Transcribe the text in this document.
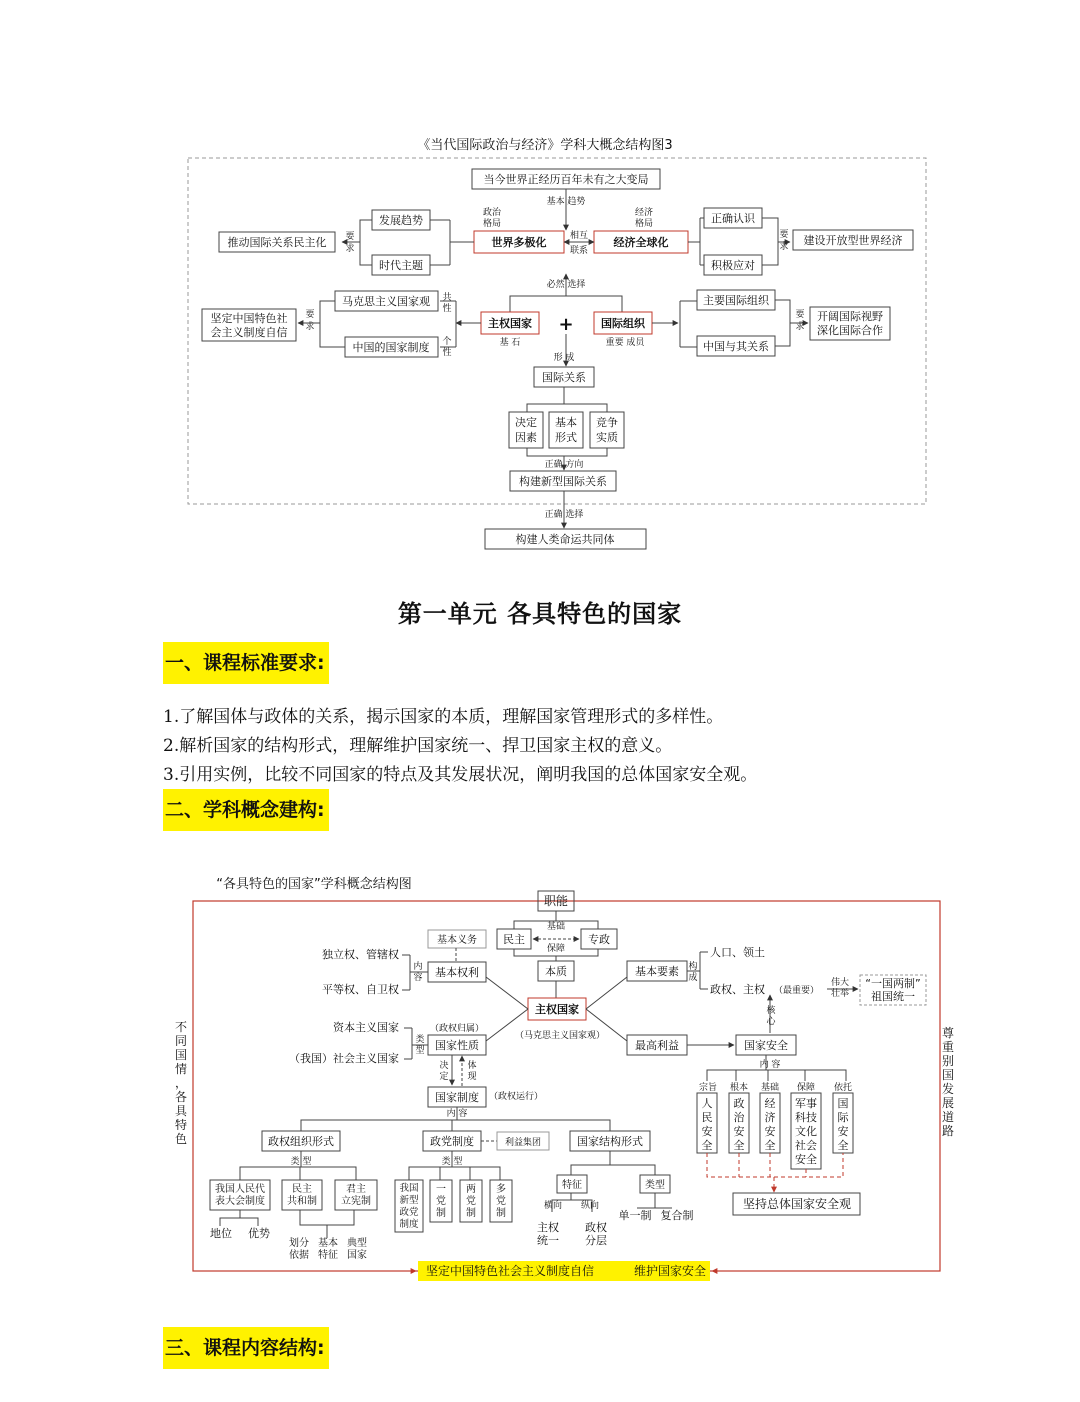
第一单元 各具特色的国家
一、课程标准要求:
1.了解国体与政体的关系，揭示国家的本质，理解国家管理形式的多样性。
2.解析国家的结构形式，理解维护国家统一、捍卫国家主权的意义。
3.引用实例，比较不同国家的特点及其发展状况，阐明我国的总体国家安全观。
二、学科概念建构:
三、课程内容结构:
《当代国际政治与经济》学科大概念结构图3
当今世界正经历百年未有之大变局
基本 趋势
政治
格局
经济
格局
世界多极化	经济全球化
相互
联系
发展趋势
时代主题
推动国际关系民主化 要
求
正确认识
积极应对
要
求 建设开放型世界经济
必然 选择
主权国家 + 国际组织
基 石	重要 成员
马克思主义国家观
中国的国家制度
共
性
个
性
要
求
坚定中国特色社
会主义制度自信
主要国际组织
中国与其关系
要
求
开阔国际视野
深化国际合作
形 成
国际关系
决定
因素
基本
形式
竞争
实质
正确 方向
构建新型国际关系
正确 选择
构建人类命运共同体
“各具特色的国家”学科概念结构图
职能
基础
民主	专政
保障
本质
基本义务
独立权、管辖权
平等权、自卫权
内
容 基本权利	基本要素 构
成
人口、领土
政权、主权 （最重要）
伟大
壮举
“一国两制”
祖国统一
核
心
主权国家
（马克思主义国家观）
资本主义国家
（我国）社会主义国家
类
型
（政权归属）
国家性质	最高利益	国家安全
内 容
决
定
体
现
国家制度 （政权运行）
内 容
政权组织形式	政党制度	利益集团	国家结构形式
类 型	类 型
我国人民代
表大会制度
民主
共和制
君主
立宪制
地位 优势
划分
依据
基本
特征
典型
国家
我国
新型
政党
制度
一
党
制
两
党
制
多
党
制
特征	类型
横向 纵向
主权
统一
政权
分层
单一制 复合制
宗旨 根本 基础 保障 依托
人
民
安
全
政
治
安
全
经
济
安
全
军事
科技
文化
社会
安全
国
际
安
全
坚持总体国家安全观
不
同
国
情
，
各
具
特
色
尊
重
别
国
发
展
道
路
坚定中国特色社会主义制度自信	维护国家安全
